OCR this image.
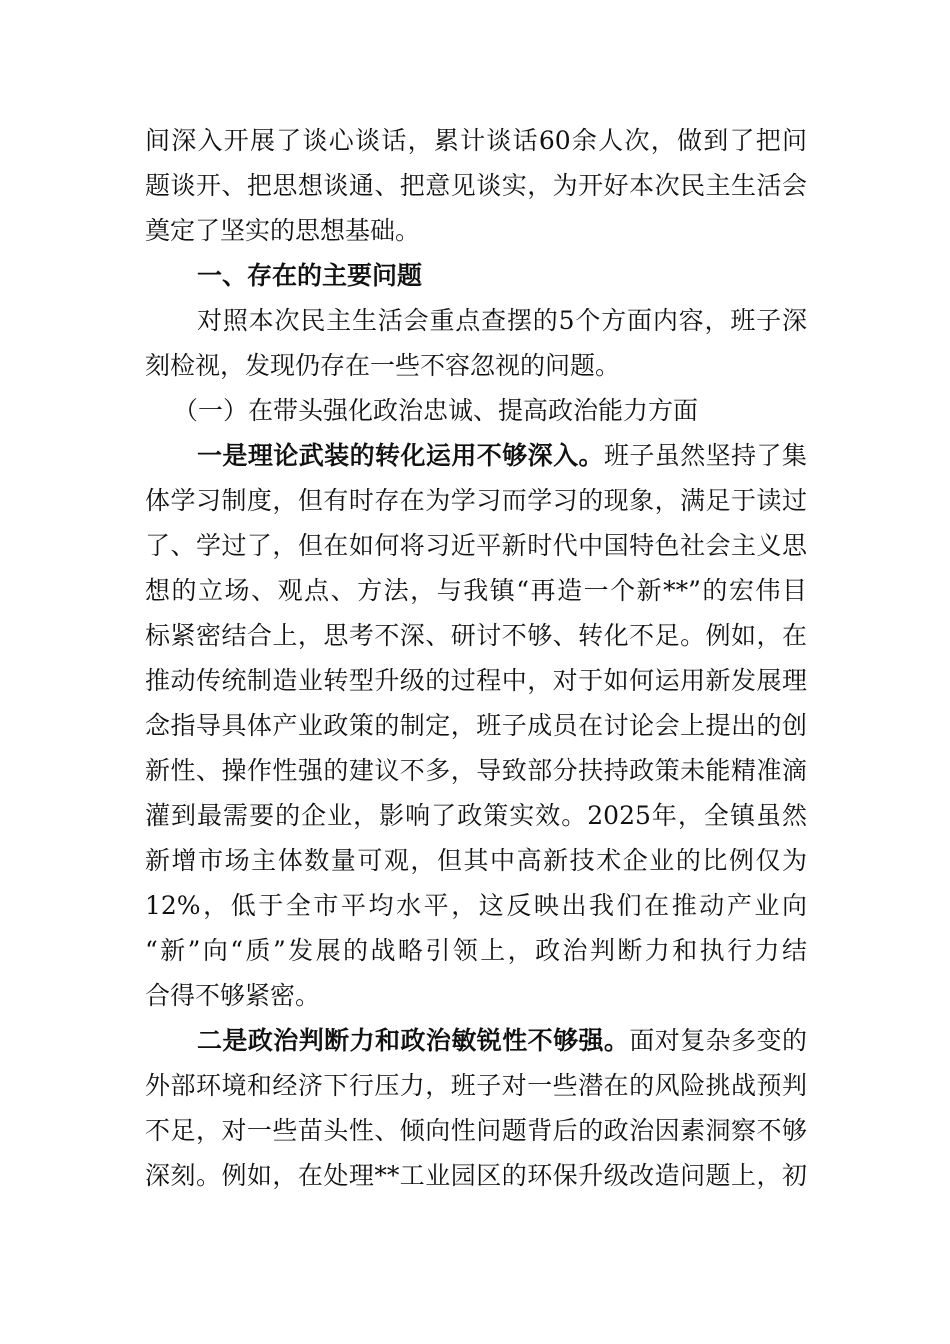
间深入开展了谈心谈话，累计谈话60余人次，做到了把问
题谈开、把思想谈通、把意见谈实，为开好本次民主生活会
奠定了坚实的思想基础。
一、存在的主要问题
对照本次民主生活会重点查摆的5个方面内容，班子深
刻检视，发现仍存在一些不容忽视的问题。
（一）在带头强化政治忠诚、提高政治能力方面
一是理论武装的转化运用不够深入。班子虽然坚持了集
体学习制度，但有时存在为学习而学习的现象，满足于读过
了、学过了，但在如何将习近平新时代中国特色社会主义思
想的立场、观点、方法，与我镇“再造一个新**”的宏伟目
标紧密结合上，思考不深、研讨不够、转化不足。例如，在
推动传统制造业转型升级的过程中，对于如何运用新发展理
念指导具体产业政策的制定，班子成员在讨论会上提出的创
新性、操作性强的建议不多，导致部分扶持政策未能精准滴
灌到最需要的企业，影响了政策实效。2025年，全镇虽然
新增市场主体数量可观，但其中高新技术企业的比例仅为
12%，低于全市平均水平，这反映出我们在推动产业向
“新”向“质”发展的战略引领上，政治判断力和执行力结
合得不够紧密。
二是政治判断力和政治敏锐性不够强。面对复杂多变的
外部环境和经济下行压力，班子对一些潜在的风险挑战预判
不足，对一些苗头性、倾向性问题背后的政治因素洞察不够
深刻。例如，在处理**工业园区的环保升级改造问题上，初
